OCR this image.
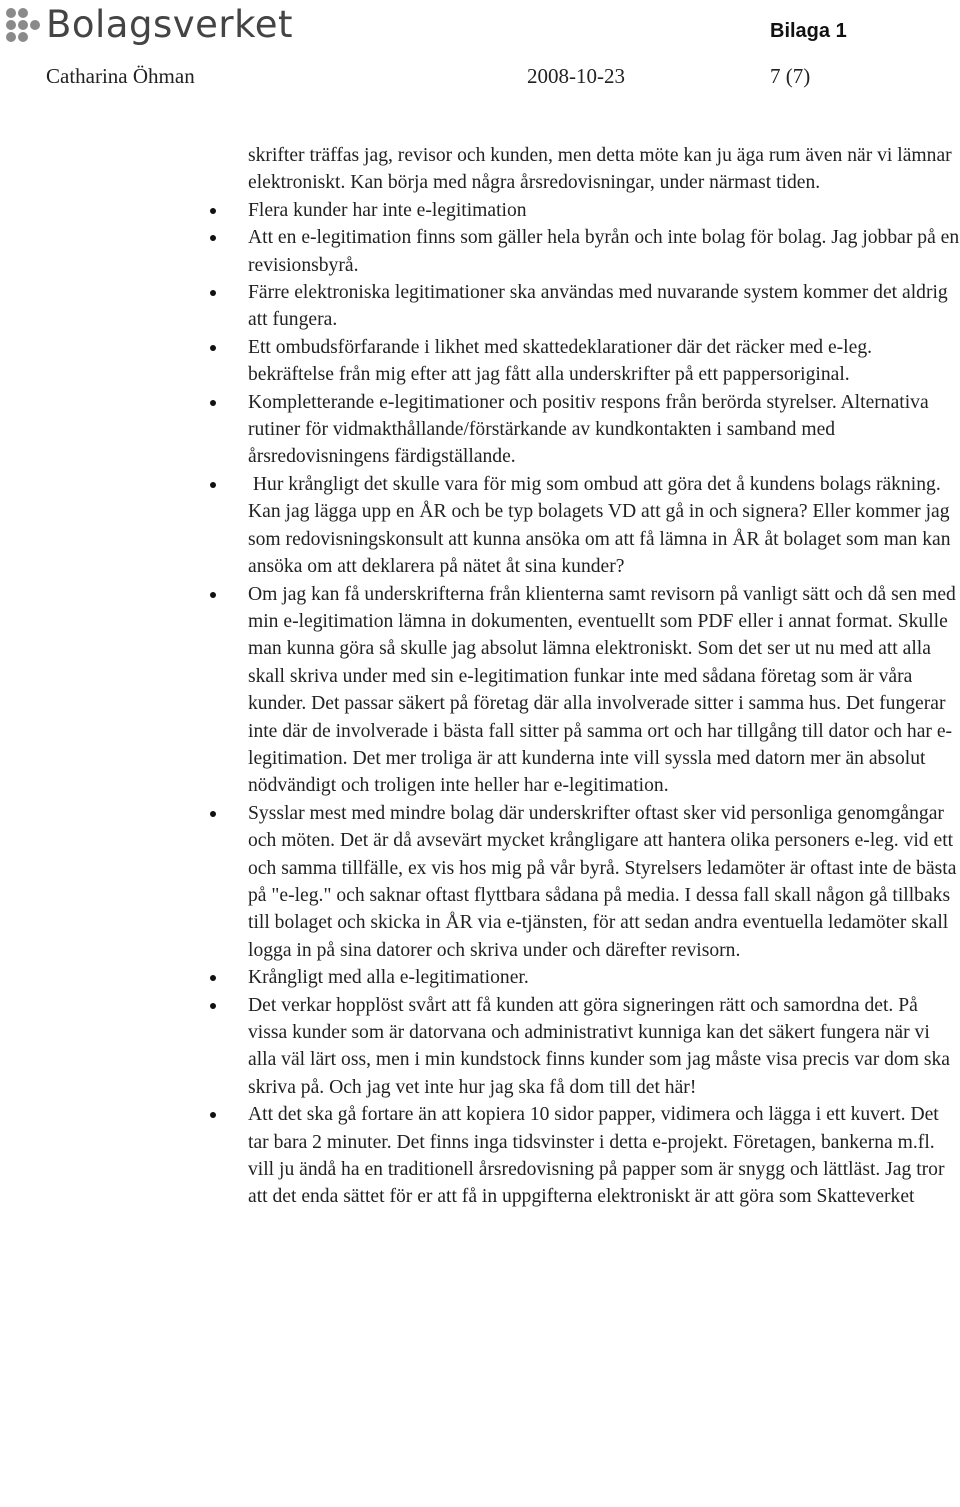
Bolagsverket	Bilaga 1
Catharina Öhman	2008-10-23	7 (7)

skrifter träffas jag, revisor och kunden, men detta möte kan ju äga rum även när vi lämnar elektroniskt. Kan börja med några årsredovisningar, under närmast tiden.

Flera kunder har inte e-legitimation
Att en e-legitimation finns som gäller hela byrån och inte bolag för bolag. Jag jobbar på en revisionsbyrå.
Färre elektroniska legitimationer ska användas med nuvarande system kommer det aldrig att fungera.
Ett ombudsförfarande i likhet med skattedeklarationer där det räcker med e-leg. bekräftelse från mig efter att jag fått alla underskrifter på ett pappersoriginal.
Kompletterande e-legitimationer och positiv respons från berörda styrelser. Alternativa rutiner för vidmakthållande/förstärkande av kundkontakten i samband med årsredovisningens färdigställande.
Hur krångligt det skulle vara för mig som ombud att göra det å kundens bolags räkning. Kan jag lägga upp en ÅR och be typ bolagets VD att gå in och signera? Eller kommer jag som redovisningskonsult att kunna ansöka om att få lämna in ÅR åt bolaget som man kan ansöka om att deklarera på nätet åt sina kunder?
Om jag kan få underskrifterna från klienterna samt revisorn på vanligt sätt och då sen med min e-legitimation lämna in dokumenten, eventuellt som PDF eller i annat format. Skulle man kunna göra så skulle jag absolut lämna elektroniskt. Som det ser ut nu med att alla skall skriva under med sin e-legitimation funkar inte med sådana företag som är våra kunder. Det passar säkert på företag där alla involverade sitter i samma hus. Det fungerar inte där de involverade i bästa fall sitter på samma ort och har tillgång till dator och har e-legitimation. Det mer troliga är att kunderna inte vill syssla med datorn mer än absolut nödvändigt och troligen inte heller har e-legitimation.
Sysslar mest med mindre bolag där underskrifter oftast sker vid personliga genomgångar och möten. Det är då avsevärt mycket krångligare att hantera olika personers e-leg. vid ett och samma tillfälle, ex vis hos mig på vår byrå. Styrelsers ledamöter är oftast inte de bästa på "e-leg." och saknar oftast flyttbara sådana på media. I dessa fall skall någon gå tillbaks till bolaget och skicka in ÅR via e-tjänsten, för att sedan andra eventuella ledamöter skall logga in på sina datorer och skriva under och därefter revisorn.
Krångligt med alla e-legitimationer.
Det verkar hopplöst svårt att få kunden att göra signeringen rätt och samordna det. På vissa kunder som är datorvana och administrativt kunniga kan det säkert fungera när vi alla väl lärt oss, men i min kundstock finns kunder som jag måste visa precis var dom ska skriva på. Och jag vet inte hur jag ska få dom till det här!
Att det ska gå fortare än att kopiera 10 sidor papper, vidimera och lägga i ett kuvert. Det tar bara 2 minuter. Det finns inga tidsvinster i detta e-projekt. Företagen, bankerna m.fl. vill ju ändå ha en traditionell årsredovisning på papper som är snygg och lättläst. Jag tror att det enda sättet för er att få in uppgifterna elektroniskt är att göra som Skatteverket
